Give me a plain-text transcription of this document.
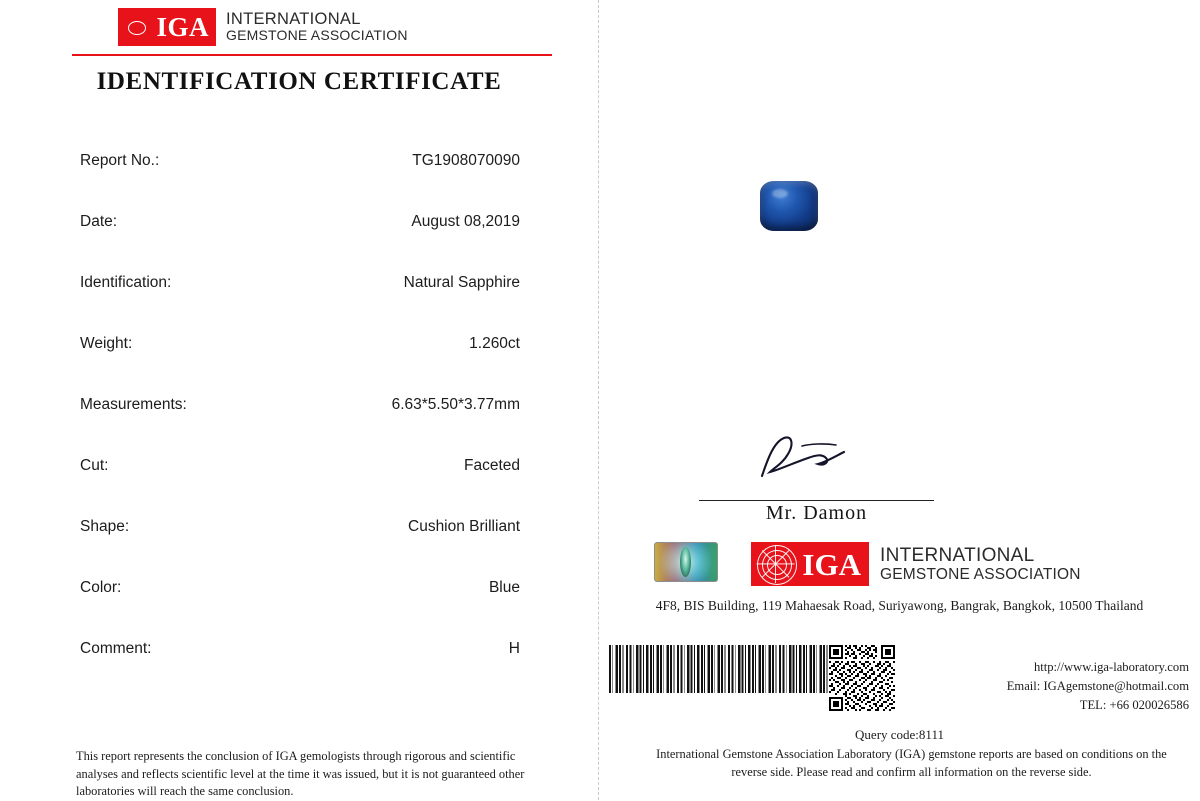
IGA	INTERNATIONAL
GEMSTONE ASSOCIATION
IDENTIFICATION CERTIFICATE
Report No.:	TG1908070090
Date:	August 08,2019
Identification:	Natural Sapphire
Weight:	1.260ct
Measurements:	6.63*5.50*3.77mm
Cut:	Faceted
Shape:	Cushion Brilliant
Color:	Blue
Comment:	H
This report represents the conclusion of IGA gemologists through rigorous and scientific analyses and reflects scientific level at the time it was issued, but it is not guaranteed other laboratories will reach the same conclusion.
Mr. Damon
IGA	INTERNATIONAL
GEMSTONE ASSOCIATION
4F8, BIS Building, 119 Mahaesak Road, Suriyawong, Bangrak, Bangkok, 10500 Thailand
http://www.iga-laboratory.com
Email: IGAgemstone@hotmail.com
TEL: +66 020026586
Query code:8111
International Gemstone Association Laboratory (IGA) gemstone reports are based on conditions on the reverse side. Please read and confirm all information on the reverse side.
